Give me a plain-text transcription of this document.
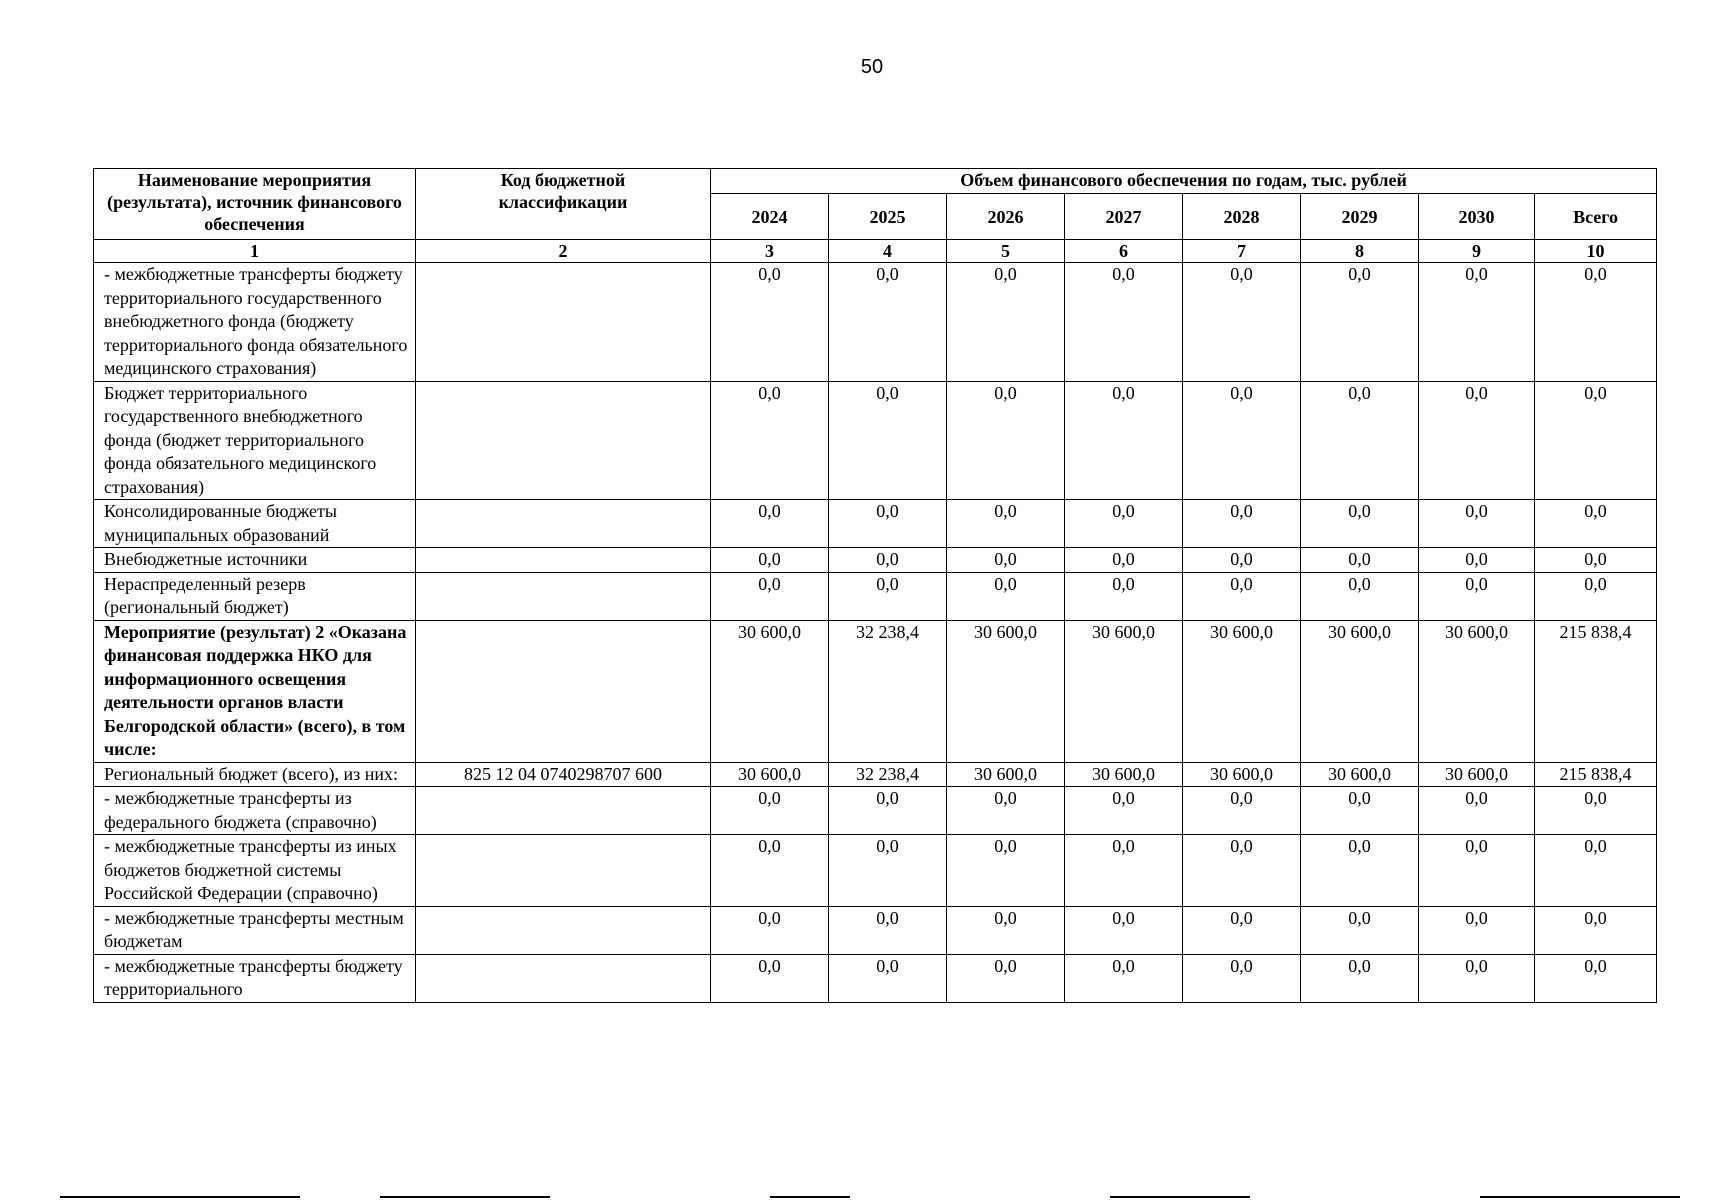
50
Наименование мероприятия (результата), источник финансового обеспечения	Код бюджетной классификации	Объем финансового обеспечения по годам, тыс. рублей							
		2024	2025	2026	2027	2028	2029	2030	Всего
1	2	3	4	5	6	7	8	9	10
- межбюджетные трансферты бюджету территориального государственного внебюджетного фонда (бюджету территориального фонда обязательного медицинского страхования)		0,0	0,0	0,0	0,0	0,0	0,0	0,0	0,0
Бюджет территориального государственного внебюджетного фонда (бюджет территориального фонда обязательного медицинского страхования)		0,0	0,0	0,0	0,0	0,0	0,0	0,0	0,0
Консолидированные бюджеты муниципальных образований		0,0	0,0	0,0	0,0	0,0	0,0	0,0	0,0
Внебюджетные источники		0,0	0,0	0,0	0,0	0,0	0,0	0,0	0,0
Нераспределенный резерв (региональный бюджет)		0,0	0,0	0,0	0,0	0,0	0,0	0,0	0,0
Мероприятие (результат) 2 «Оказана финансовая поддержка НКО для информационного освещения деятельности органов власти Белгородской области» (всего), в том числе:		30 600,0	32 238,4	30 600,0	30 600,0	30 600,0	30 600,0	30 600,0	215 838,4
Региональный бюджет (всего), из них:	825 12 04 0740298707 600	30 600,0	32 238,4	30 600,0	30 600,0	30 600,0	30 600,0	30 600,0	215 838,4
- межбюджетные трансферты из федерального бюджета (справочно)		0,0	0,0	0,0	0,0	0,0	0,0	0,0	0,0
- межбюджетные трансферты из иных бюджетов бюджетной системы Российской Федерации (справочно)		0,0	0,0	0,0	0,0	0,0	0,0	0,0	0,0
- межбюджетные трансферты местным бюджетам		0,0	0,0	0,0	0,0	0,0	0,0	0,0	0,0
- межбюджетные трансферты бюджету территориального		0,0	0,0	0,0	0,0	0,0	0,0	0,0	0,0
